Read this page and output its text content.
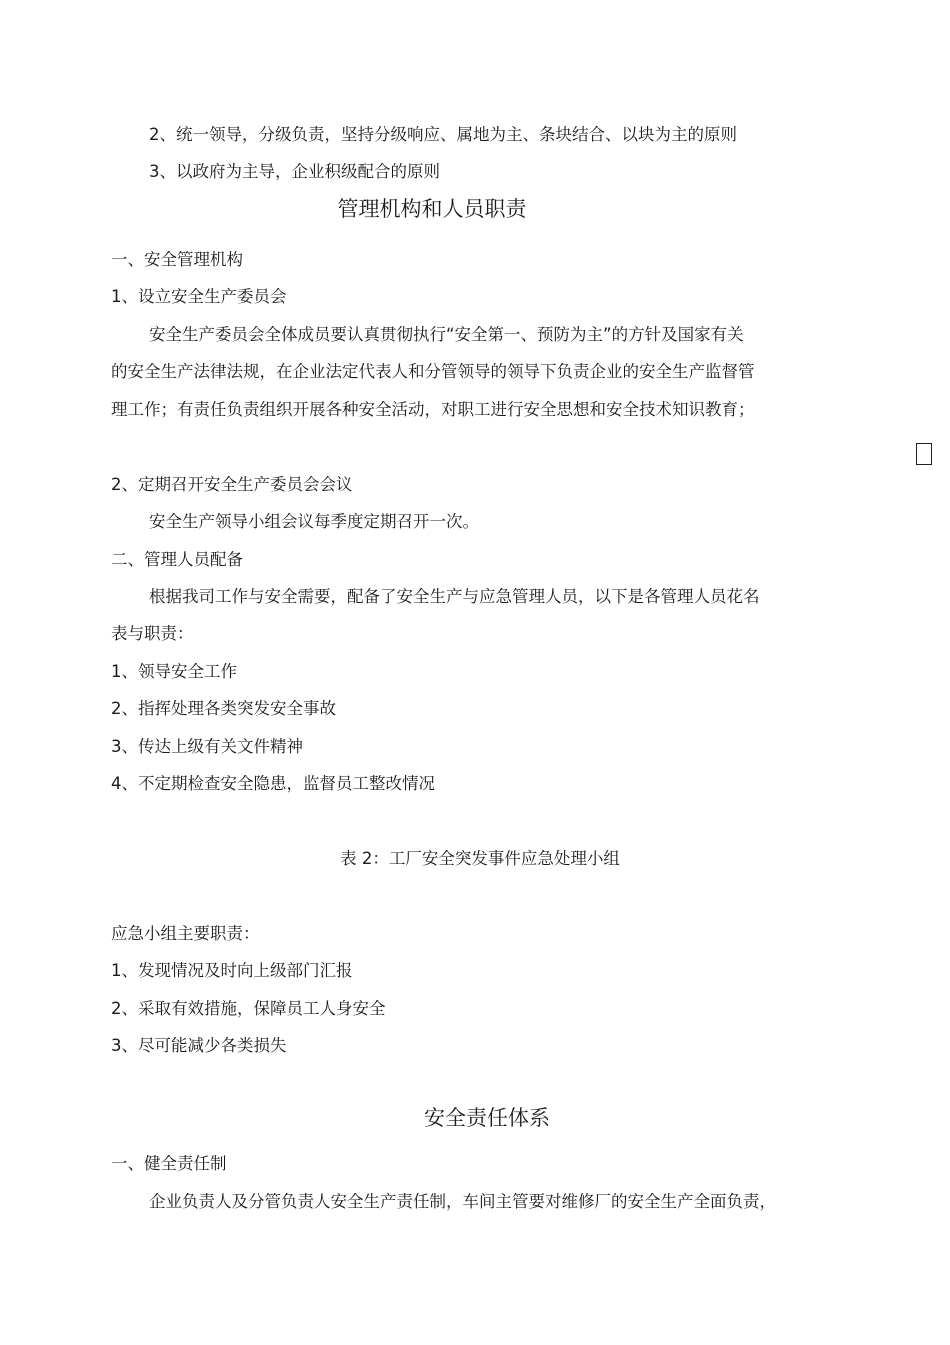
2、统一领导，分级负责，坚持分级响应、属地为主、条块结合、以块为主的原则
3、以政府为主导，企业积级配合的原则
管理机构和人员职责
一、安全管理机构
1、设立安全生产委员会
安全生产委员会全体成员要认真贯彻执行“安全第一、预防为主”的方针及国家有关
的安全生产法律法规，在企业法定代表人和分管领导的领导下负责企业的安全生产监督管
理工作；有责任负责组织开展各种安全活动，对职工进行安全思想和安全技术知识教育；
2、定期召开安全生产委员会会议
安全生产领导小组会议每季度定期召开一次。
二、管理人员配备
根据我司工作与安全需要，配备了安全生产与应急管理人员，以下是各管理人员花名
表与职责：
1、领导安全工作
2、指挥处理各类突发安全事故
3、传达上级有关文件精神
4、不定期检查安全隐患，监督员工整改情况
表 2：工厂安全突发事件应急处理小组
应急小组主要职责：
1、发现情况及时向上级部门汇报
2、采取有效措施，保障员工人身安全
3、尽可能减少各类损失
安全责任体系
一、健全责任制
企业负责人及分管负责人安全生产责任制，车间主管要对维修厂的安全生产全面负责，
